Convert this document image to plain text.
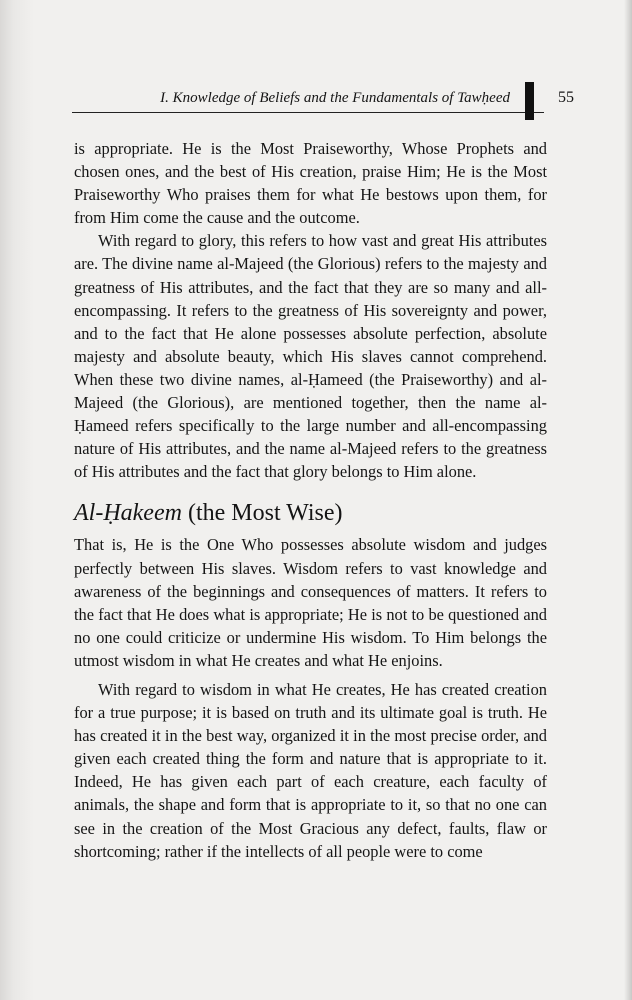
I. Knowledge of Beliefs and the Fundamentals of Tawḥeed	55

is appropriate. He is the Most Praiseworthy, Whose Prophets and chosen ones, and the best of His creation, praise Him; He is the Most Praiseworthy Who praises them for what He bestows upon them, for from Him come the cause and the outcome.

With regard to glory, this refers to how vast and great His attributes are. The divine name al-Majeed (the Glorious) refers to the majesty and greatness of His attributes, and the fact that they are so many and all-encompassing. It refers to the greatness of His sovereignty and power, and to the fact that He alone possesses absolute perfection, absolute majesty and absolute beauty, which His slaves cannot comprehend. When these two divine names, al-Ḥameed (the Praiseworthy) and al-Majeed (the Glorious), are mentioned together, then the name al-Ḥameed refers specifically to the large number and all-encompassing nature of His attributes, and the name al-Majeed refers to the greatness of His attributes and the fact that glory belongs to Him alone.

Al-Ḥakeem (the Most Wise)

That is, He is the One Who possesses absolute wisdom and judges perfectly between His slaves. Wisdom refers to vast knowledge and awareness of the beginnings and consequences of matters. It refers to the fact that He does what is appropriate; He is not to be questioned and no one could criticize or undermine His wisdom. To Him belongs the utmost wisdom in what He creates and what He enjoins.

With regard to wisdom in what He creates, He has created creation for a true purpose; it is based on truth and its ultimate goal is truth. He has created it in the best way, organized it in the most precise order, and given each created thing the form and nature that is appropriate to it. Indeed, He has given each part of each creature, each faculty of animals, the shape and form that is appropriate to it, so that no one can see in the creation of the Most Gracious any defect, faults, flaw or shortcoming; rather if the intellects of all people were to come
